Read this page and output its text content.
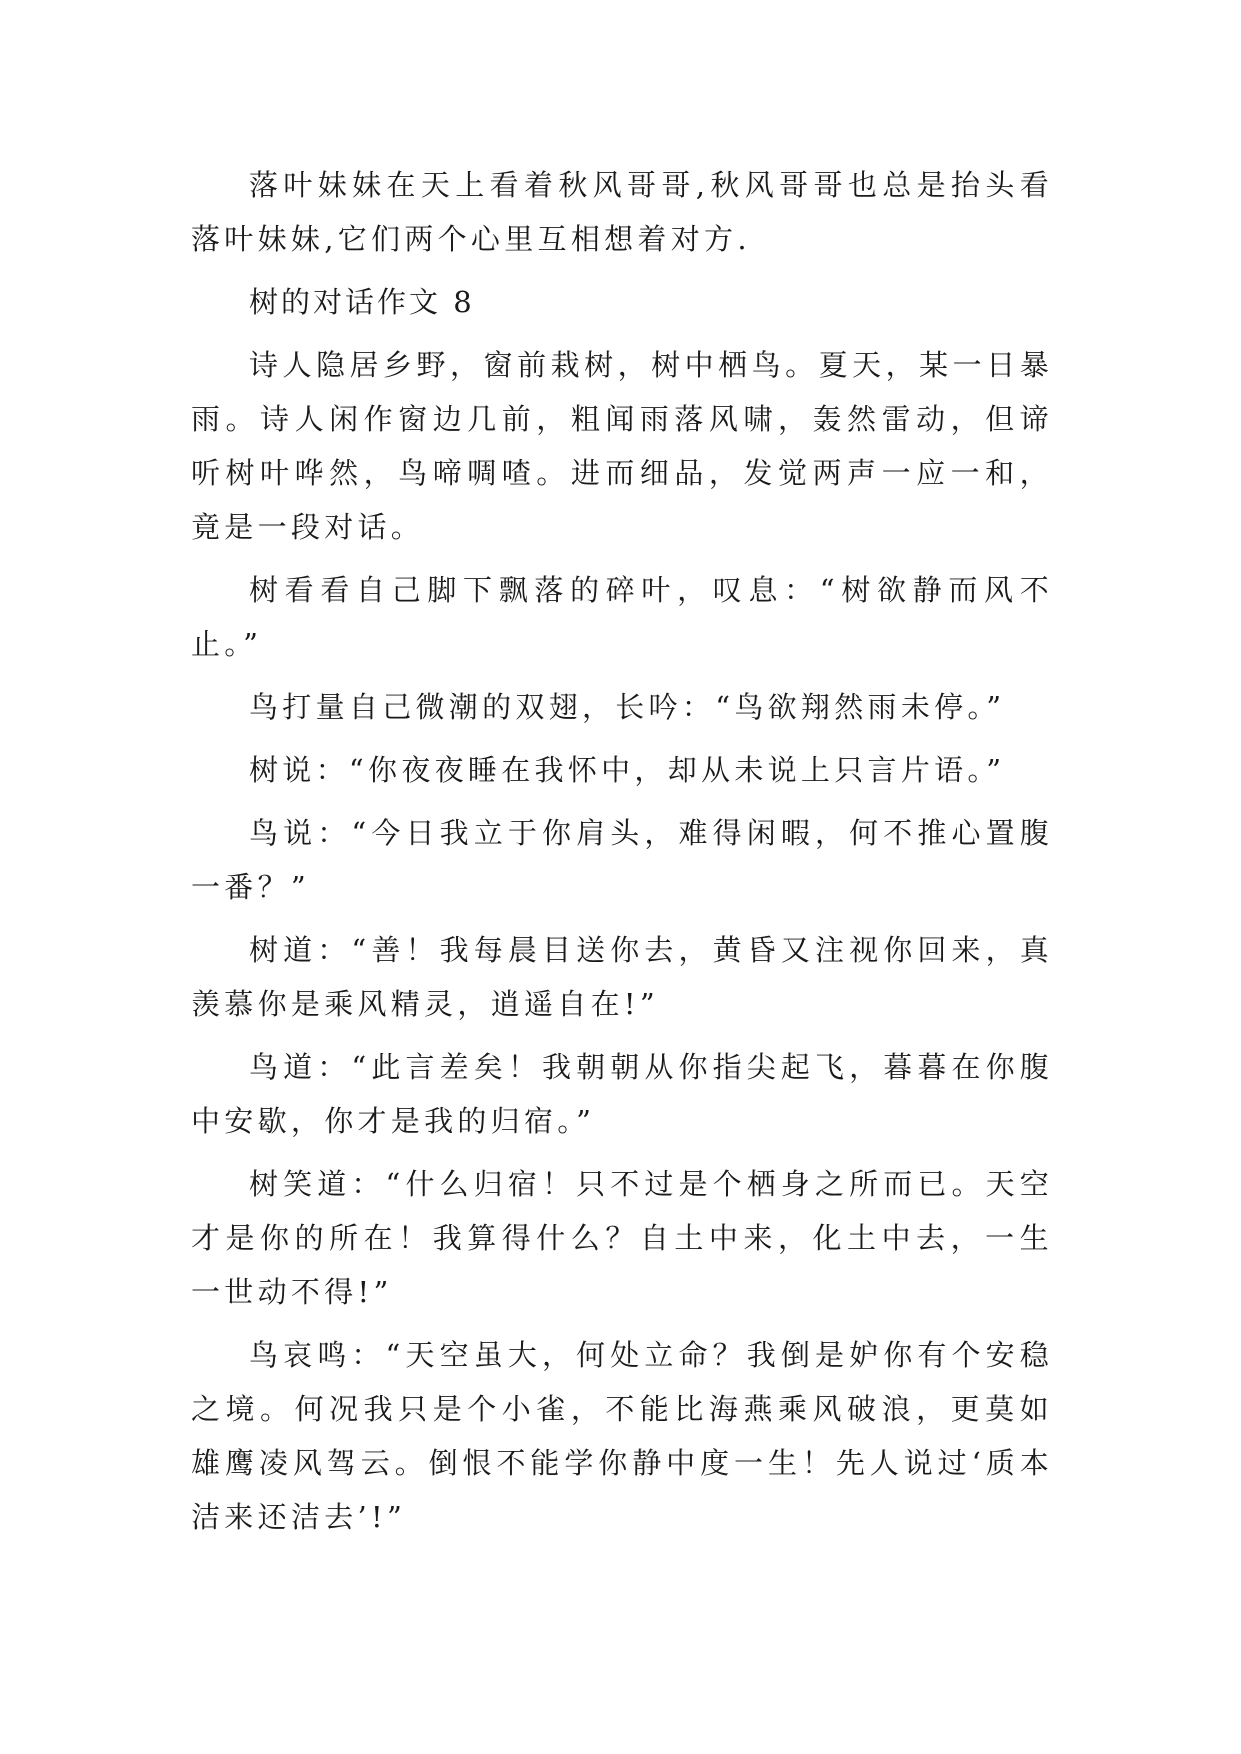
落叶妹妹在天上看着秋风哥哥,秋风哥哥也总是抬头看落叶妹妹,它们两个心里互相想着对方.

树的对话作文 8

诗人隐居乡野，窗前栽树，树中栖鸟。夏天，某一日暴雨。诗人闲作窗边几前，粗闻雨落风啸，轰然雷动，但谛听树叶哗然，鸟啼啁喳。进而细品，发觉两声一应一和，竟是一段对话。

树看看自己脚下飘落的碎叶，叹息：“树欲静而风不止。”

鸟打量自己微潮的双翅，长吟：“鸟欲翔然雨未停。”

树说：“你夜夜睡在我怀中，却从未说上只言片语。”

鸟说：“今日我立于你肩头，难得闲暇，何不推心置腹一番？”

树道：“善！我每晨目送你去，黄昏又注视你回来，真羡慕你是乘风精灵，逍遥自在!”

鸟道：“此言差矣！我朝朝从你指尖起飞，暮暮在你腹中安歇，你才是我的归宿。”

树笑道：“什么归宿！只不过是个栖身之所而已。天空才是你的所在！我算得什么？自土中来，化土中去，一生一世动不得!”

鸟哀鸣：“天空虽大，何处立命？我倒是妒你有个安稳之境。何况我只是个小雀，不能比海燕乘风破浪，更莫如雄鹰凌风驾云。倒恨不能学你静中度一生！先人说过‘质本洁来还洁去’!”
